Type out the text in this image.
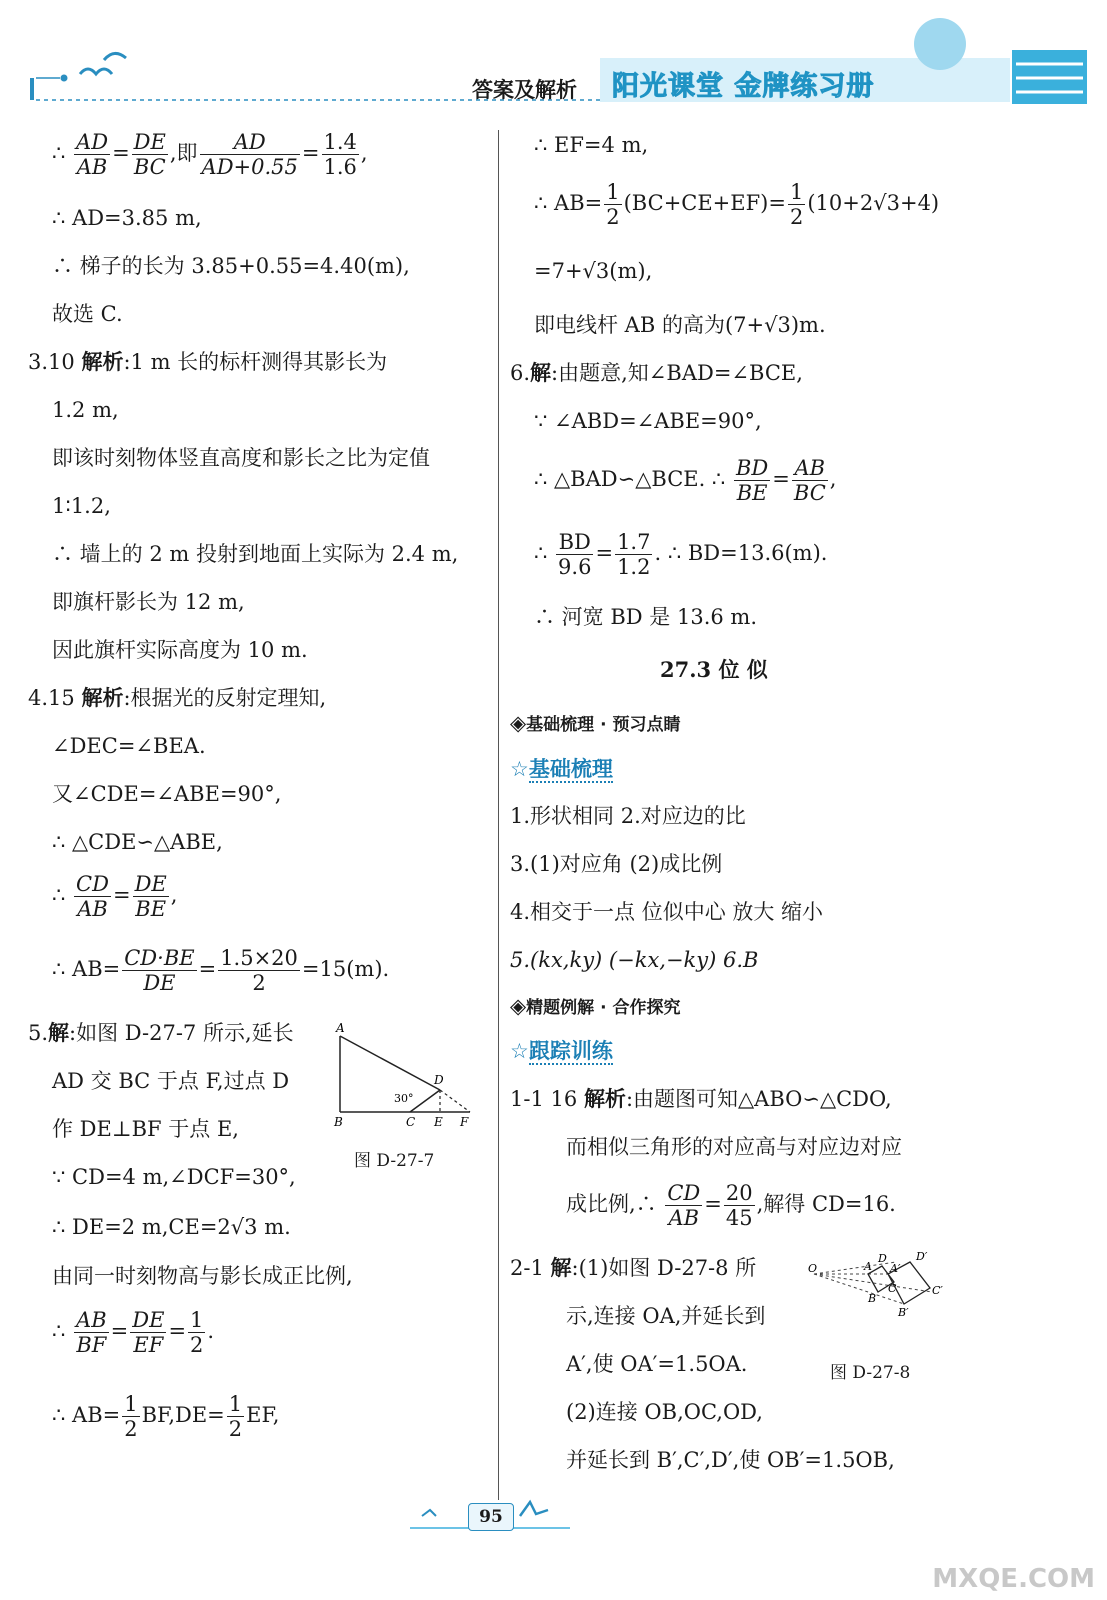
答案及解析 阳光课堂 金牌练习册
∴ $\frac{AD}{AB} = \frac{DE}{BC}$ ,即 $\frac{AD}{AD+0.55} = \frac{1.4}{1.6}$ ,
∴ AD=3.85 m,
∴ 梯子的长为 3.85+0.55=4.40(m),
故选 C.
3.10 解析:1 m 长的标杆测得其影长为
1.2 m,
即该时刻物体竖直高度和影长之比为定值
1∶1.2,
∴ 墙上的 2 m 投射到地面上实际为 2.4 m,
即旗杆影长为 12 m,
因此旗杆实际高度为 10 m.
4.15 解析:根据光的反射定理知,
∠DEC=∠BEA.
又∠CDE=∠ABE=90°,
∴ △CDE∽△ABE,
∴ $\frac{CD}{AB} = \frac{DE}{BE}$ ,
∴ $AB= \frac{CD\cdot BE}{DE} = \frac{1.5\times 20}{2} =15(m)$.
5.解:如图 D-27-7 所示,延长
AD 交 BC 于点 F,过点 D
作 DE⊥BF 于点 E,
∵ CD=4 m,∠DCF=30°,
∴ DE=2 m,CE=2√3 m.
由同一时刻物高与影长成正比例,
∴ $\frac{AB}{BF} = \frac{DE}{EF} = \frac{1}{2}$ .
∴ $AB= \frac{1}{2} BF,DE= \frac{1}{2}$ EF,
A
B	C
D
E F
30°
图 D-27-7
∴ EF=4 m,
∴ $AB= \frac{1}{2} (BC+CE+EF)= \frac{1}{2} (10+2√3+4)$
=7+√3(m),
即电线杆 AB 的高为(7+√3)m.
6.解:由题意,知∠BAD=∠BCE,
∵ ∠ABD=∠ABE=90°,
∴ △BAD∽△BCE. ∴ $\frac{BD}{BE} = \frac{AB}{BC}$ ,
∴ $\frac{BD}{9.6} = \frac{1.7}{1.2}$ . ∴ BD=13.6(m).
∴ 河宽 BD 是 13.6 m.
27.3 位 似
◈基础梳理 · 预习点睛
☆基础梳理
1.形状相同 2.对应边的比
3.(1)对应角 (2)成比例
4.相交于一点 位似中心 放大 缩小
5.(kx,ky) (−kx,−ky) 6.B
◈精题例解 · 合作探究
☆跟踪训练
1-1 16 解析:由题图可知△ABO∽△CDO,
而相似三角形的对应高与对应边对应
成比例,∴ $\frac{CD}{AB} = \frac{20}{45}$ ,解得 CD=16.
2-1 解:(1)如图 D-27-8 所
示,连接 OA,并延长到
A′,使 OA′=1.5OA.
(2)连接 OB,OC,OD,
并延长到 B′,C′,D′,使 OB′=1.5OB,
O	A
B
C
D
A′
B′
C′
D′
图 D-27-8
95
MXQE.COM
